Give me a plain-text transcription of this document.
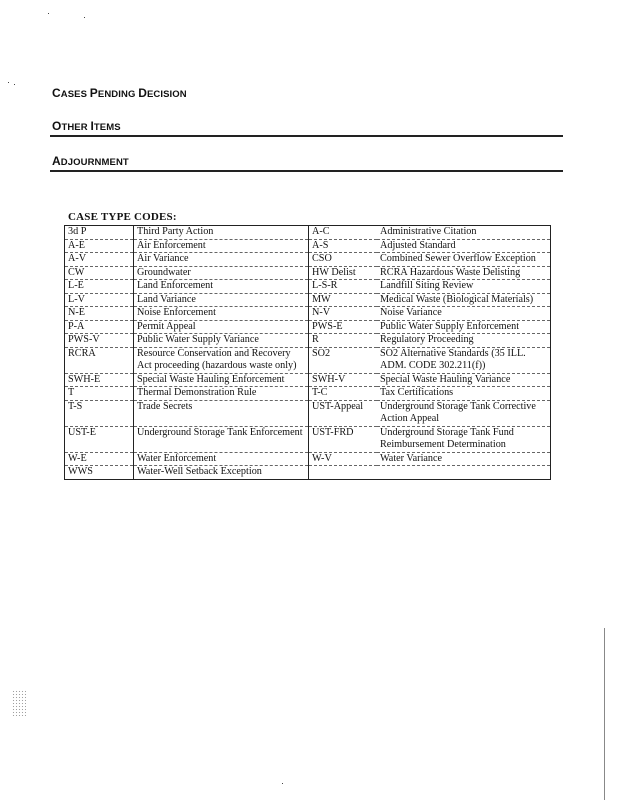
CASES PENDING DECISION
OTHER ITEMS
ADJOURNMENT
CASE TYPE CODES:
3d P	Third Party Action	A-C	Administrative Citation
A-E	Air Enforcement	A-S	Adjusted Standard
A-V	Air Variance	CSO	Combined Sewer Overflow Exception
CW	Groundwater	HW Delist	RCRA Hazardous Waste Delisting
L-E	Land Enforcement	L-S-R	Landfill Siting Review
L-V	Land Variance	MW	Medical Waste (Biological Materials)
N-E	Noise Enforcement	N-V	Noise Variance
P-A	Permit Appeal	PWS-E	Public Water Supply Enforcement
PWS-V	Public Water Supply Variance	R	Regulatory Proceeding
RCRA	Resource Conservation and Recovery Act proceeding (hazardous waste only)	SO2	SO2 Alternative Standards (35 ILL. ADM. CODE 302.211(f))
SWH-E	Special Waste Hauling Enforcement	SWH-V	Special Waste Hauling Variance
T	Thermal Demonstration Rule	T-C	Tax Certifications
T-S	Trade Secrets	UST-Appeal	Underground Storage Tank Corrective Action Appeal
UST-E	Underground Storage Tank Enforcement	UST-FRD	Underground Storage Tank Fund Reimbursement Determination
W-E	Water Enforcement	W-V	Water Variance
WWS	Water-Well Setback Exception		
